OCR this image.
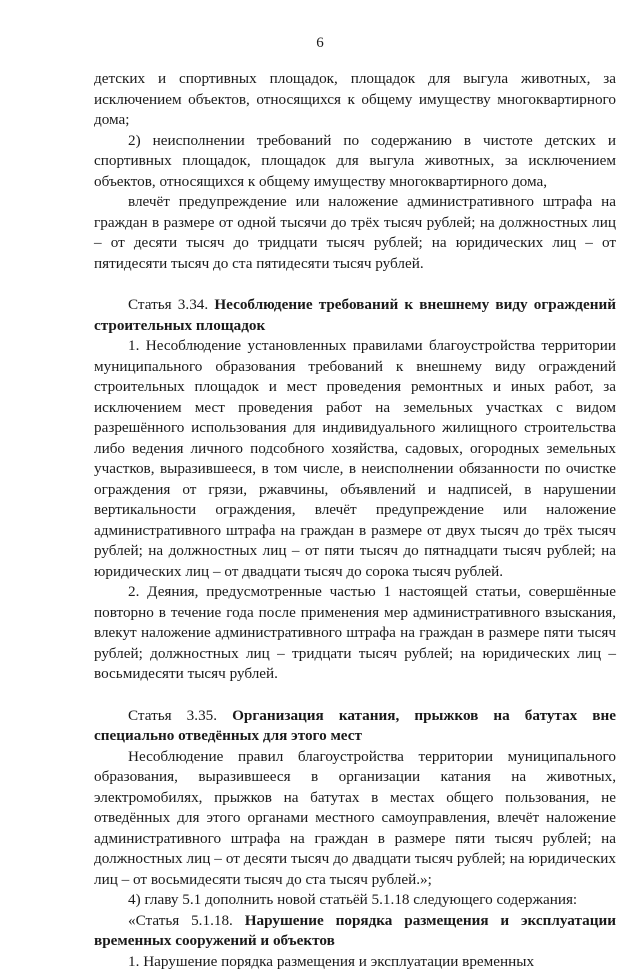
6

детских и спортивных площадок, площадок для выгула животных, за исключением объектов, относящихся к общему имуществу многоквартирного дома;

2) неисполнении требований по содержанию в чистоте детских и спортивных площадок, площадок для выгула животных, за исключением объектов, относящихся к общему имуществу многоквартирного дома,

влечёт предупреждение или наложение административного штрафа на граждан в размере от одной тысячи до трёх тысяч рублей; на должностных лиц – от десяти тысяч до тридцати тысяч рублей; на юридических лиц – от пятидесяти тысяч до ста пятидесяти тысяч рублей.

Статья 3.34. Несоблюдение требований к внешнему виду ограждений строительных площадок

1. Несоблюдение установленных правилами благоустройства территории муниципального образования требований к внешнему виду ограждений строительных площадок и мест проведения ремонтных и иных работ, за исключением мест проведения работ на земельных участках с видом разрешённого использования для индивидуального жилищного строительства либо ведения личного подсобного хозяйства, садовых, огородных земельных участков, выразившееся, в том числе, в неисполнении обязанности по очистке ограждения от грязи, ржавчины, объявлений и надписей, в нарушении вертикальности ограждения, влечёт предупреждение или наложение административного штрафа на граждан в размере от двух тысяч до трёх тысяч рублей; на должностных лиц – от пяти тысяч до пятнадцати тысяч рублей; на юридических лиц – от двадцати тысяч до сорока тысяч рублей.

2. Деяния, предусмотренные частью 1 настоящей статьи, совершённые повторно в течение года после применения мер административного взыскания, влекут наложение административного штрафа на граждан в размере пяти тысяч рублей; должностных лиц – тридцати тысяч рублей; на юридических лиц – восьмидесяти тысяч рублей.

Статья 3.35. Организация катания, прыжков на батутах вне специально отведённых для этого мест

Несоблюдение правил благоустройства территории муниципального образования, выразившееся в организации катания на животных, электромобилях, прыжков на батутах в местах общего пользования, не отведённых для этого органами местного самоуправления, влечёт наложение административного штрафа на граждан в размере пяти тысяч рублей; на должностных лиц – от десяти тысяч до двадцати тысяч рублей; на юридических лиц – от восьмидесяти тысяч до ста тысяч рублей.»;

4) главу 5.1 дополнить новой статьёй 5.1.18 следующего содержания:

«Статья 5.1.18. Нарушение порядка размещения и эксплуатации временных сооружений и объектов

1. Нарушение порядка размещения и эксплуатации временных
